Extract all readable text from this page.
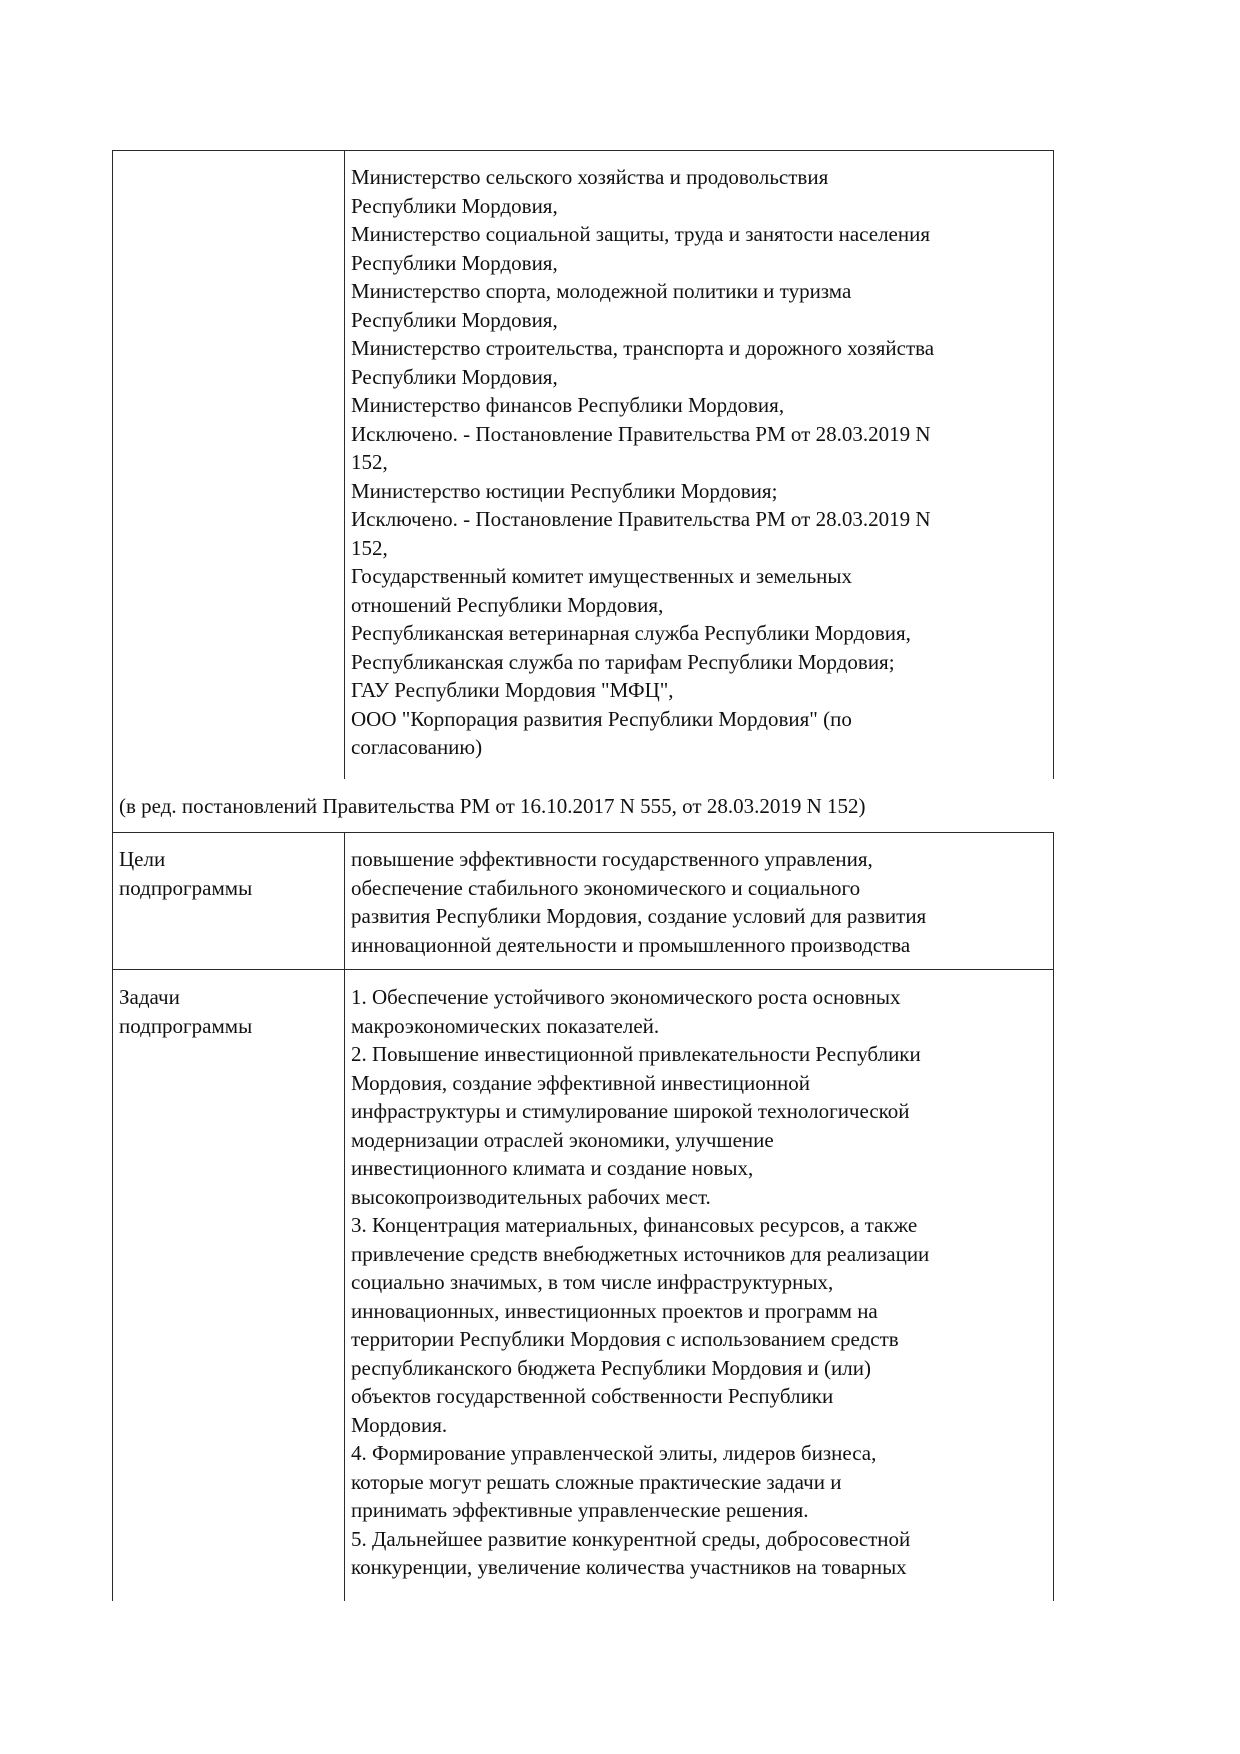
Министерство сельского хозяйства и продовольствия
Республики Мордовия,
Министерство социальной защиты, труда и занятости населения
Республики Мордовия,
Министерство спорта, молодежной политики и туризма
Республики Мордовия,
Министерство строительства, транспорта и дорожного хозяйства
Республики Мордовия,
Министерство финансов Республики Мордовия,
Исключено. - Постановление Правительства РМ от 28.03.2019 N
152,
Министерство юстиции Республики Мордовия;
Исключено. - Постановление Правительства РМ от 28.03.2019 N
152,
Государственный комитет имущественных и земельных
отношений Республики Мордовия,
Республиканская ветеринарная служба Республики Мордовия,
Республиканская служба по тарифам Республики Мордовия;
ГАУ Республики Мордовия "МФЦ",
ООО "Корпорация развития Республики Мордовия" (по
согласованию)
(в ред. постановлений Правительства РМ от 16.10.2017 N 555, от 28.03.2019 N 152)
Цели
подпрограммы
повышение эффективности государственного управления,
обеспечение стабильного экономического и социального
развития Республики Мордовия, создание условий для развития
инновационной деятельности и промышленного производства
Задачи
подпрограммы
1. Обеспечение устойчивого экономического роста основных
макроэкономических показателей.
2. Повышение инвестиционной привлекательности Республики
Мордовия, создание эффективной инвестиционной
инфраструктуры и стимулирование широкой технологической
модернизации отраслей экономики, улучшение
инвестиционного климата и создание новых,
высокопроизводительных рабочих мест.
3. Концентрация материальных, финансовых ресурсов, а также
привлечение средств внебюджетных источников для реализации
социально значимых, в том числе инфраструктурных,
инновационных, инвестиционных проектов и программ на
территории Республики Мордовия с использованием средств
республиканского бюджета Республики Мордовия и (или)
объектов государственной собственности Республики
Мордовия.
4. Формирование управленческой элиты, лидеров бизнеса,
которые могут решать сложные практические задачи и
принимать эффективные управленческие решения.
5. Дальнейшее развитие конкурентной среды, добросовестной
конкуренции, увеличение количества участников на товарных
